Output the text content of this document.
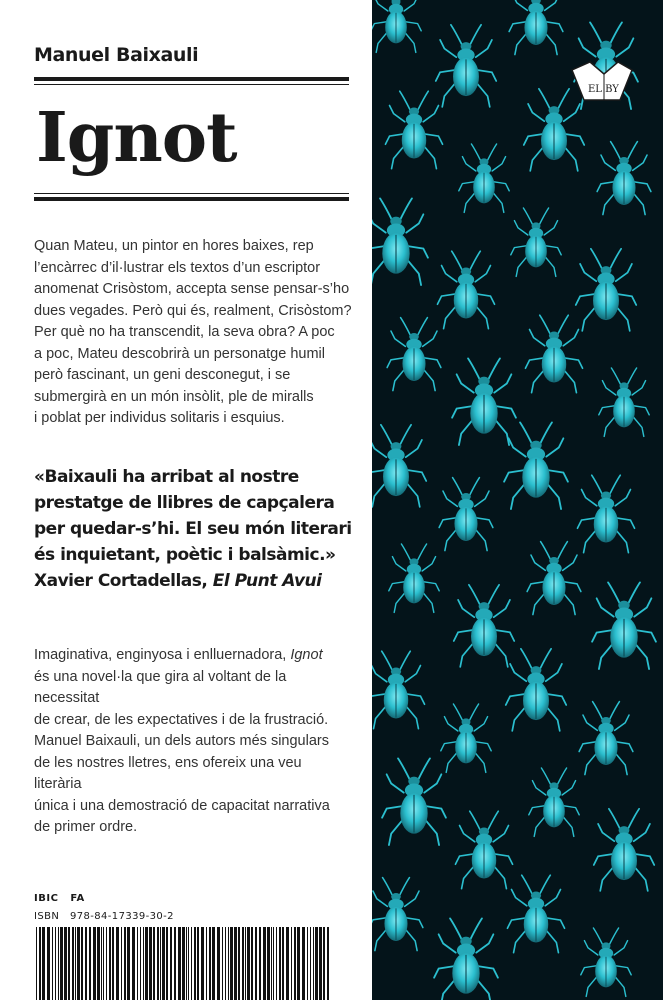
Manuel Baixauli
Ignot
Quan Mateu, un pintor en hores baixes, rep
l’encàrrec d’il·lustrar els textos d’un escriptor
anomenat Crisòstom, accepta sense pensar-s’ho
dues vegades. Però qui és, realment, Crisòstom?
Per què no ha transcendit, la seva obra? A poc
a poc, Mateu descobrirà un personatge humil
però fascinant, un geni desconegut, i se
submergirà en un món insòlit, ple de miralls
i poblat per individus solitaris i esquius.
«Baixauli ha arribat al nostre
prestatge de llibres de capçalera
per quedar-s’hi. El seu món literari
és inquietant, poètic i balsàmic.»
Xavier Cortadellas, El Punt Avui
Imaginativa, enginyosa i enlluernadora, Ignot
és una novel·la que gira al voltant de la necessitat
de crear, de les expectatives i de la frustració.
Manuel Baixauli, un dels autors més singulars
de les nostres lletres, ens ofereix una veu literària
única i una demostració de capacitat narrativa
de primer ordre.
IBIC   FA
ISBN   978-84-17339-30-2
EL BY
